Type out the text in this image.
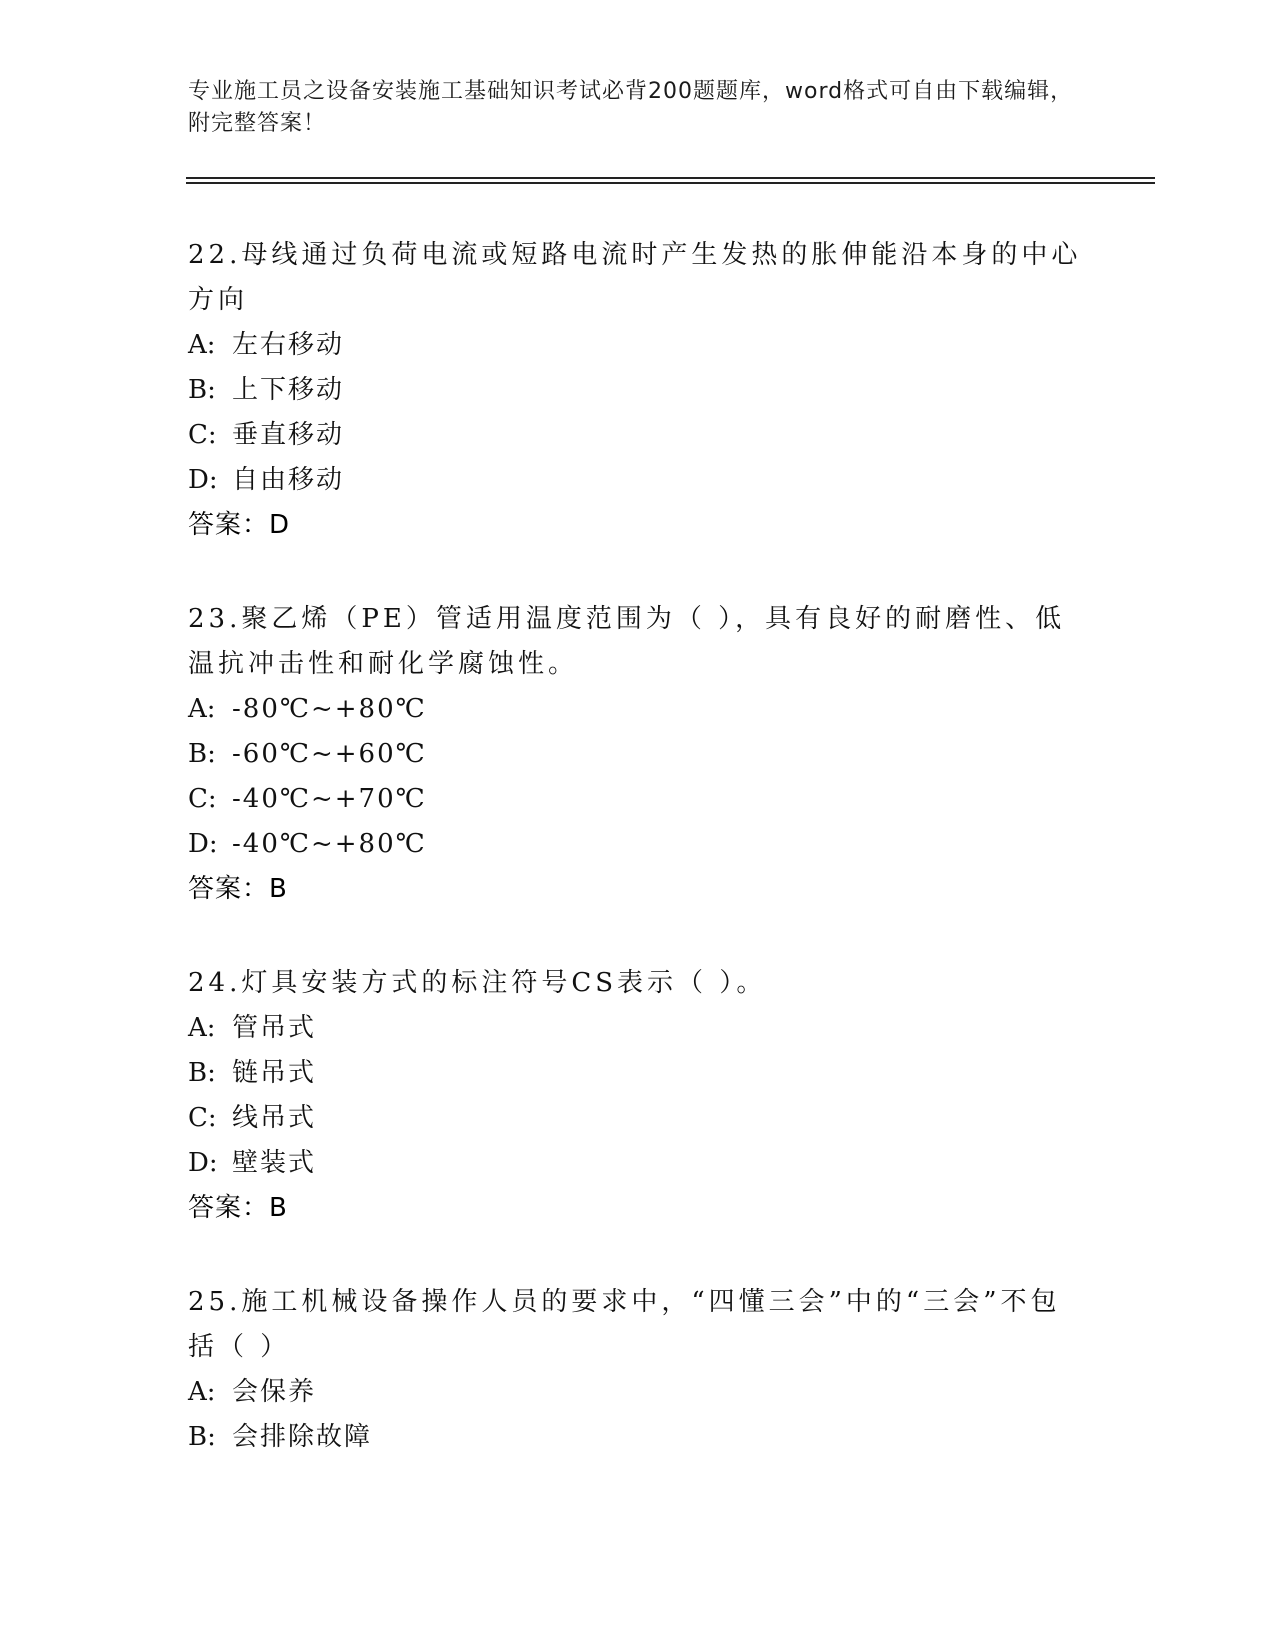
专业施工员之设备安装施工基础知识考试必背200题题库，word格式可自由下载编辑，附完整答案！

22.母线通过负荷电流或短路电流时产生发热的胀伸能沿本身的中心方向

A: 左右移动

B: 上下移动

C: 垂直移动

D: 自由移动

答案：D

23.聚乙烯（PE）管适用温度范围为（ ），具有良好的耐磨性、低温抗冲击性和耐化学腐蚀性。

A: -80℃~+80℃

B: -60℃~+60℃

C: -40℃~+70℃

D: -40℃~+80℃

答案：B

24.灯具安装方式的标注符号CS表示（ ）。

A: 管吊式

B: 链吊式

C: 线吊式

D: 壁装式

答案：B

25.施工机械设备操作人员的要求中，“四懂三会”中的“三会”不包括（ ）

A: 会保养

B: 会排除故障
